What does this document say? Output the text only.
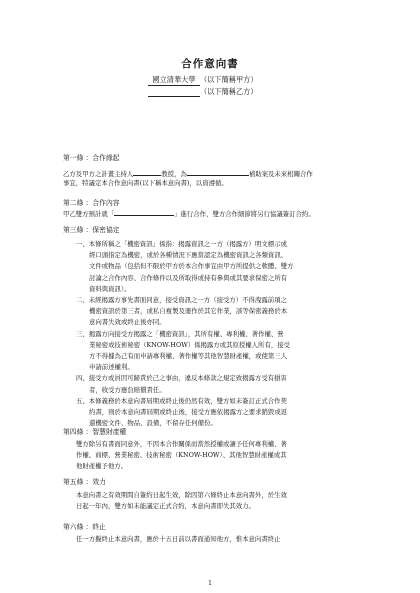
合作意向書
國立清華大學 （以下簡稱甲方）
（以下簡稱乙方）
第一條 ：合作緣起
乙方及甲方之計畫主持人	教授，為	補助案及未來相關合作
事宜，特議定本合作意向書(以下稱本意向書)，以資遵循。
第二條 ：合作內容
甲乙雙方預計就「	」進行合作，雙方合作細節將另行協議簽訂合約。
第三條 ：保密協定
一、本條所稱之「機密資訊」係指：揭露資訊之一方（揭露方）明文標示或
經口頭指定為機密，或於各種情況下應當認定為機密資訊之各類資訊、
文件或物品（包括但不限於甲方於本合作事宜由甲方所提供之軟體、雙方
討論之合作內容、合作條件以及所取得或持有參與或其要求保密之所有
資料與資訊）。
二、未經揭露方事先書面同意，接受資訊之一方（接受方）不得洩露前項之
機密資訊於第三者，或私自複製及運作於其它作業，該等保密義務於本
意向書失效或終止後亦同。
三、揭露方向接受方揭露之「機密資訊」，其所有權、專利權、著作權、營
業秘密或技術秘密（KNOW-HOW）係揭露方或其原授權人所有，接受
方不得據為己有而申請專利權、著作權等其他智慧財產權，或使第三人
申請前述權利。
四、接受方或員因可歸責於己之事由，違反本條款之規定致揭露方受有損害
者，收受方應負賠償責任。
五、本條義務於本意向書屆期或終止後仍然有效，雙方如未簽訂正式合作契
約書，則於本意向書屆期或終止後，接受方應依揭露方之要求銷毀或返
還機密文件、物品、設備，不留存任何備份。
第四條 ：智慧財產權
雙方除另有書面同意外，不因本合作關係而當然授權或讓予任何專利權、著
作權、商標、營業秘密、技術秘密（KNOW-HOW）、其他智慧財產權或其
他財產權予他方。
第五條 ：效力
本意向書之有效期間自簽約日起生效，除因第六條終止本意向書外，於生效
日起一年內，雙方如未能議定正式合約，本意向書即失其效力。
第六條 ：終止
任一方擬終止本意向書，應於十五日前以書面通知他方，惟本意向書終止
1
